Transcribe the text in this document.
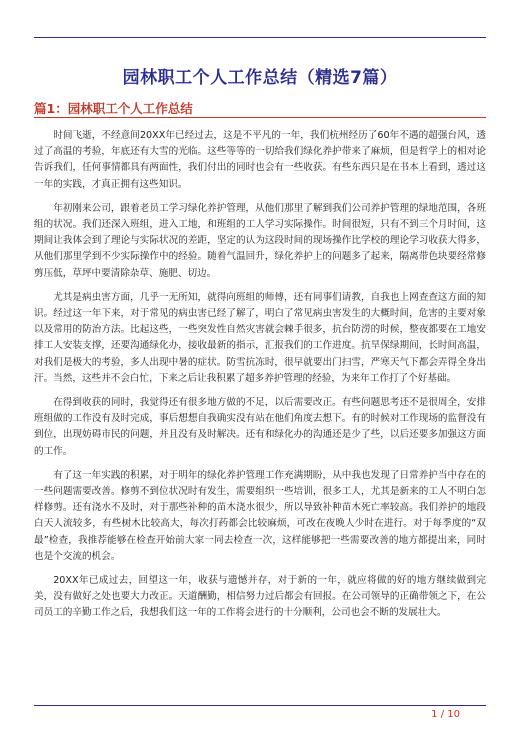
园林职工个人工作总结（精选7篇）
篇1：园林职工个人工作总结

时间飞逝，不经意间20XX年已经过去，这是不平凡的一年，我们杭州经历了60年不遇的超强台风，透过了高温的考验，年底还有大雪的光临。这些等等的一切给我们绿化养护带来了麻烦，但是哲学上的相对论告诉我们，任何事情都具有两面性，我们付出的同时也会有一些收获。有些东西只是在书本上看到，透过这一年的实践，才真正拥有这些知识。

年初刚来公司，跟着老员工学习绿化养护管理，从他们那里了解到我们公司养护管理的绿地范围，各班组的状况。我们还深入班组，进入工地，和班组的工人学习实际操作。时间很短，只有不到三个月时间，这期间让我体会到了理论与实际状况的差距，坚定的认为这段时间的现场操作比学校的理论学习收获大得多，从他们那里学到不少实际操作中的经验。随着气温回升，绿化养护上的问题多了起来，隔离带色块要经常修剪压低，草坪中要清除杂草、施肥、切边。

尤其是病虫害方面，几乎一无所知，就得向班组的师傅，还有同事们请教，自我也上网查查这方面的知识。经过这一年下来，对于常见的病虫害已经了解了，明白了常见病虫害发生的大概时间，危害的主要对象以及常用的防治方法。比起这些，一些突发性自然灾害就会棘手很多，抗台防涝的时候，整夜都要在工地安排工人安装支撑，还要沟通绿化办，接收最新的指示，汇报我们的工作进度。抗旱保绿期间，长时间高温，对我们是极大的考验，多人出现中暑的症状。防雪抗冻时，很早就要出门扫雪，严寒天气下都会弄得全身出汗。当然，这些并不会白忙，下来之后让我积累了超多养护管理的经验，为来年工作打了个好基础。

在得到收获的同时，我觉得还有很多地方做的不足，以后需要改正。有些问题思考还不是很周全，安排班组做的工作没有及时完成，事后想想自我确实没有站在他们角度去想下。有的时候对工作现场的监督没有到位，出现妨碍市民的问题，并且没有及时解决。还有和绿化办的沟通还是少了些，以后还要多加强这方面的工作。

有了这一年实践的积累，对于明年的绿化养护管理工作充满期盼，从中我也发现了日常养护当中存在的一些问题需要改善。修剪不到位状况时有发生，需要组织一些培训，很多工人，尤其是新来的工人不明白怎样修剪。还有浇水不及时，对于那些补种的苗木浇水很少，所以导致补种苗木死亡率较高。我们养护的地段白天人流较多，有些树木比较高大，每次打药都会比较麻烦，可改在夜晚人少时在进行。对于每季度的“双最”检查，我推荐能够在检查开始前大家一同去检查一次，这样能够把一些需要改善的地方都提出来，同时也是个交流的机会。

20XX年已成过去，回望这一年，收获与遗憾并存，对于新的一年，就应将做的好的地方继续做到完美，没有做好之处也要大力改正。天道酬勤，相信努力过后都会有回报。在公司领导的正确带领之下，在公司员工的辛勤工作之后，我想我们这一年的工作将会进行的十分顺利，公司也会不断的发展壮大。

1 / 10
